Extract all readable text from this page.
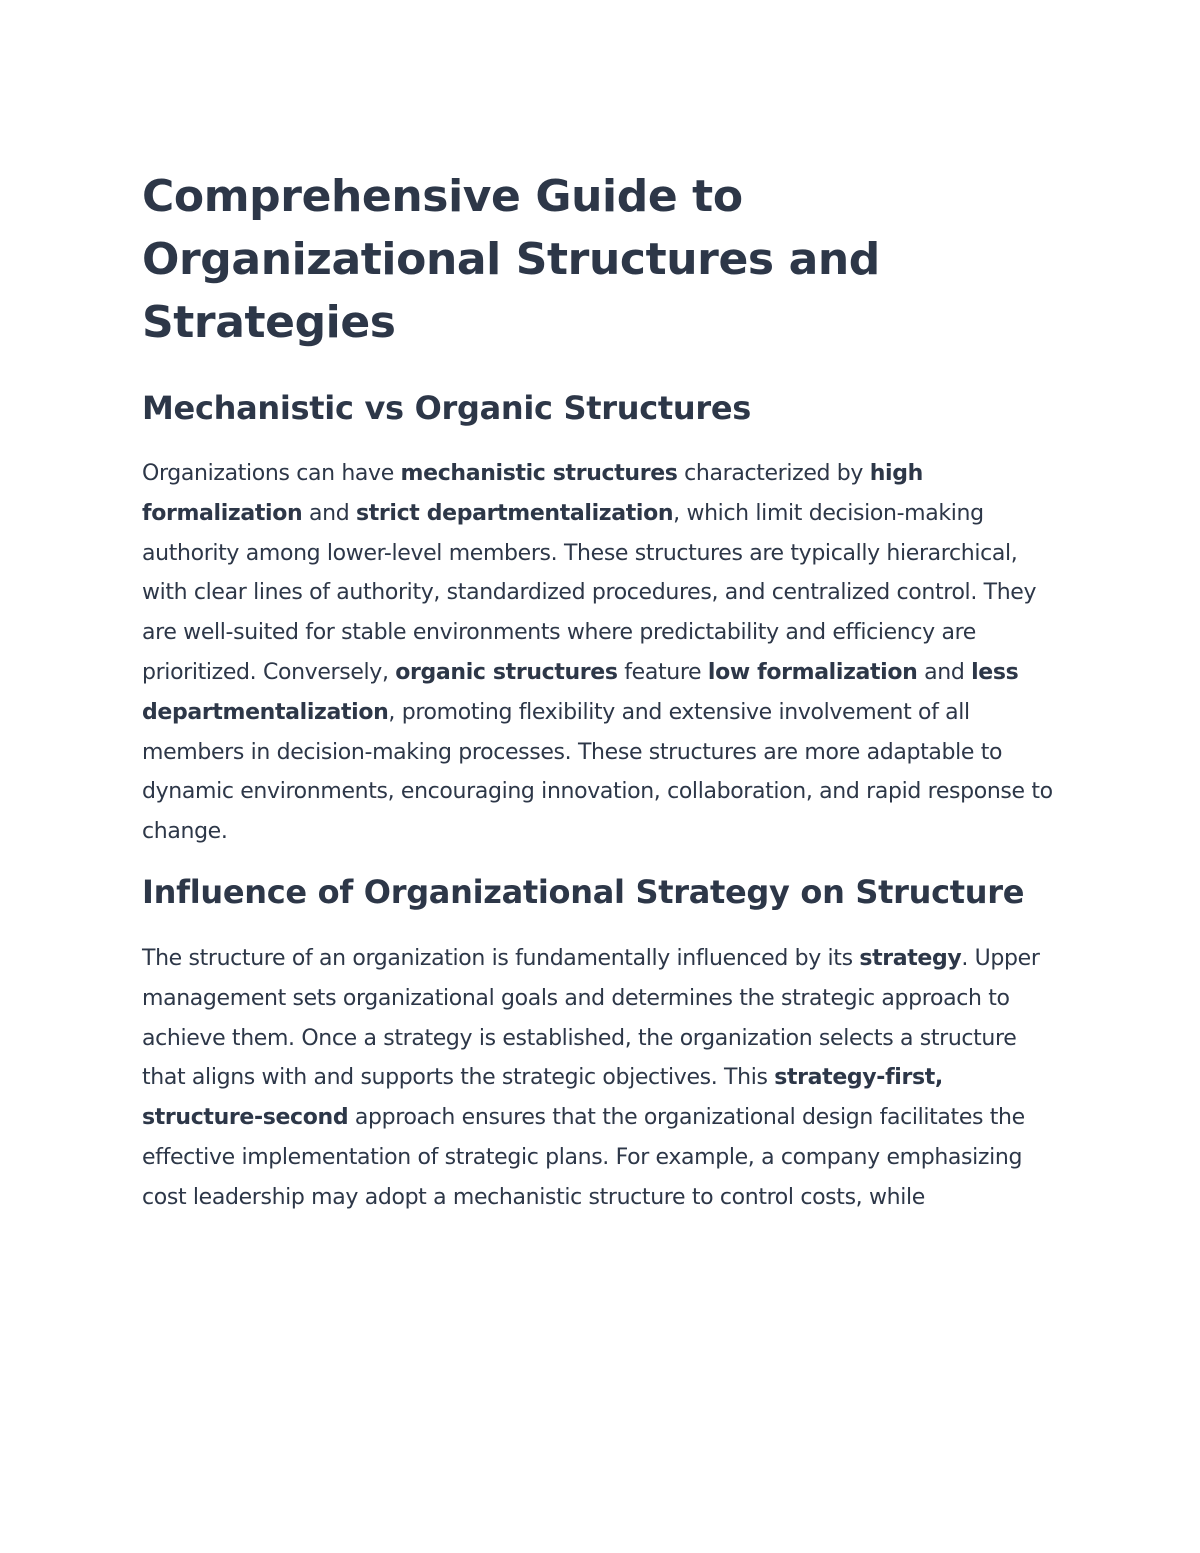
Comprehensive Guide to Organizational Structures and Strategies
Mechanistic vs Organic Structures

Organizations can have mechanistic structures characterized by high formalization and strict departmentalization, which limit decision-making authority among lower-level members. These structures are typically hierarchical, with clear lines of authority, standardized procedures, and centralized control. They are well-suited for stable environments where predictability and efficiency are prioritized. Conversely, organic structures feature low formalization and less departmentalization, promoting flexibility and extensive involvement of all members in decision-making processes. These structures are more adaptable to dynamic environments, encouraging innovation, collaboration, and rapid response to change.

Influence of Organizational Strategy on Structure

The structure of an organization is fundamentally influenced by its strategy. Upper management sets organizational goals and determines the strategic approach to achieve them. Once a strategy is established, the organization selects a structure that aligns with and supports the strategic objectives. This strategy-first, structure-second approach ensures that the organizational design facilitates the effective implementation of strategic plans. For example, a company emphasizing cost leadership may adopt a mechanistic structure to control costs, while
